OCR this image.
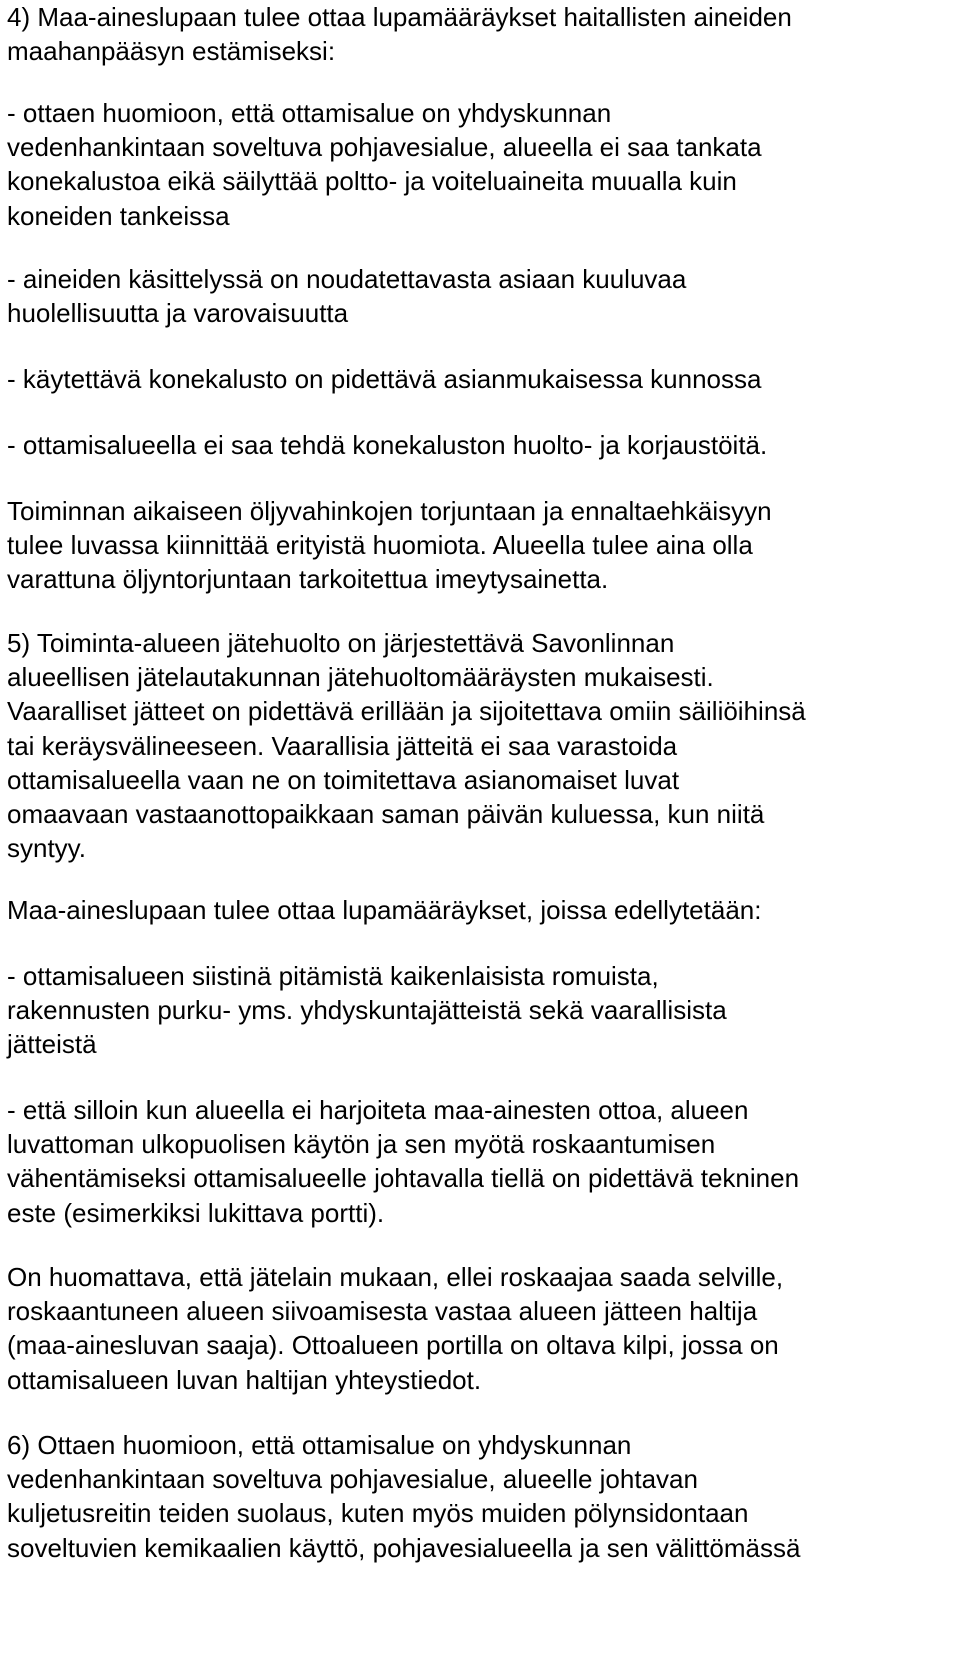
4) Maa-aineslupaan tulee ottaa lupamääräykset haitallisten aineiden
maahanpääsyn estämiseksi:
- ottaen huomioon, että ottamisalue on yhdyskunnan
vedenhankintaan soveltuva pohjavesialue, alueella ei saa tankata
konekalustoa eikä säilyttää poltto- ja voiteluaineita muualla kuin
koneiden tankeissa
- aineiden käsittelyssä on noudatettavasta asiaan kuuluvaa
huolellisuutta ja varovaisuutta
- käytettävä konekalusto on pidettävä asianmukaisessa kunnossa
- ottamisalueella ei saa tehdä konekaluston huolto- ja korjaustöitä.
Toiminnan aikaiseen öljyvahinkojen torjuntaan ja ennaltaehkäisyyn
tulee luvassa kiinnittää erityistä huomiota. Alueella tulee aina olla
varattuna öljyntorjuntaan tarkoitettua imeytysainetta.
5) Toiminta-alueen jätehuolto on järjestettävä Savonlinnan
alueellisen jätelautakunnan jätehuoltomääräysten mukaisesti.
Vaaralliset jätteet on pidettävä erillään ja sijoitettava omiin säiliöihinsä
tai keräysvälineeseen. Vaarallisia jätteitä ei saa varastoida
ottamisalueella vaan ne on toimitettava asianomaiset luvat
omaavaan vastaanottopaikkaan saman päivän kuluessa, kun niitä
syntyy.
Maa-aineslupaan tulee ottaa lupamääräykset, joissa edellytetään:
- ottamisalueen siistinä pitämistä kaikenlaisista romuista,
rakennusten purku- yms. yhdyskuntajätteistä sekä vaarallisista
jätteistä
- että silloin kun alueella ei harjoiteta maa-ainesten ottoa, alueen
luvattoman ulkopuolisen käytön ja sen myötä roskaantumisen
vähentämiseksi ottamisalueelle johtavalla tiellä on pidettävä tekninen
este (esimerkiksi lukittava portti).
On huomattava, että jätelain mukaan, ellei roskaajaa saada selville,
roskaantuneen alueen siivoamisesta vastaa alueen jätteen haltija
(maa-ainesluvan saaja). Ottoalueen portilla on oltava kilpi, jossa on
ottamisalueen luvan haltijan yhteystiedot.
6) Ottaen huomioon, että ottamisalue on yhdyskunnan
vedenhankintaan soveltuva pohjavesialue, alueelle johtavan
kuljetusreitin teiden suolaus, kuten myös muiden pölynsidontaan
soveltuvien kemikaalien käyttö, pohjavesialueella ja sen välittömässä
